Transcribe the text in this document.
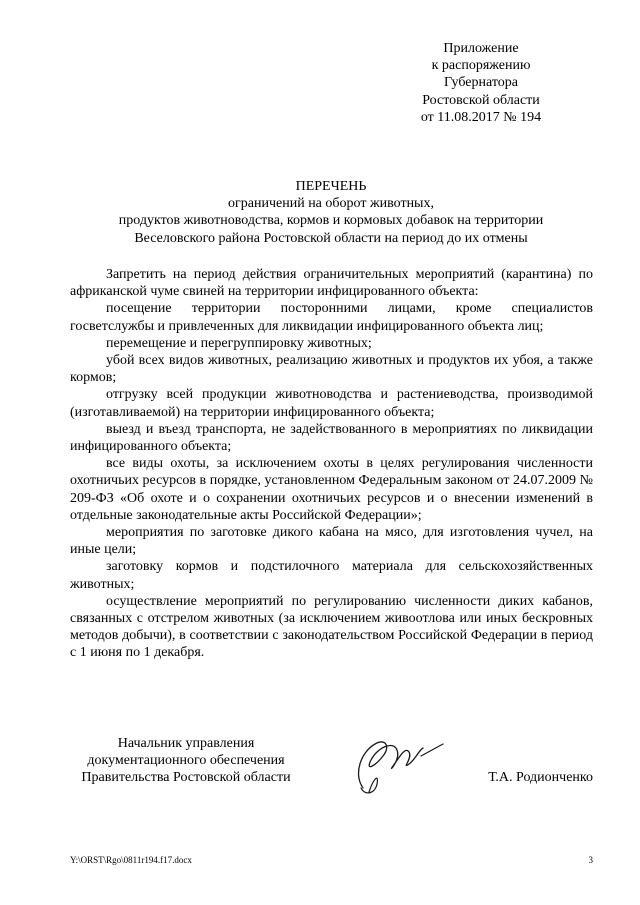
Приложение
к распоряжению
Губернатора
Ростовской области
от 11.08.2017 № 194
ПЕРЕЧЕНЬ
ограничений на оборот животных,
продуктов животноводства, кормов и кормовых добавок на территории
Веселовского района Ростовской области на период до их отмены

Запретить на период действия ограничительных мероприятий (карантина) по африканской чуме свиней на территории инфицированного объекта:

посещение территории посторонними лицами, кроме специалистов госветслужбы и привлеченных для ликвидации инфицированного объекта лиц;

перемещение и перегруппировку животных;

убой всех видов животных, реализацию животных и продуктов их убоя, а также кормов;

отгрузку всей продукции животноводства и растениеводства, производимой (изготавливаемой) на территории инфицированного объекта;

выезд и въезд транспорта, не задействованного в мероприятиях по ликвидации инфицированного объекта;

все виды охоты, за исключением охоты в целях регулирования численности охотничьих ресурсов в порядке, установленном Федеральным законом от 24.07.2009 № 209-ФЗ «Об охоте и о сохранении охотничьих ресурсов и о внесении изменений в отдельные законодательные акты Российской Федерации»;

мероприятия по заготовке дикого кабана на мясо, для изготовления чучел, на иные цели;

заготовку кормов и подстилочного материала для сельскохозяйственных животных;

осуществление мероприятий по регулированию численности диких кабанов, связанных с отстрелом животных (за исключением живоотлова или иных бескровных методов добычи), в соответствии с законодательством Российской Федерации в период с 1 июня по 1 декабря.

Начальник управления
документационного обеспечения
Правительства Ростовской области	Т.А. Родионченко
Y:\ORST\Rgo\0811r194.f17.docx	3
